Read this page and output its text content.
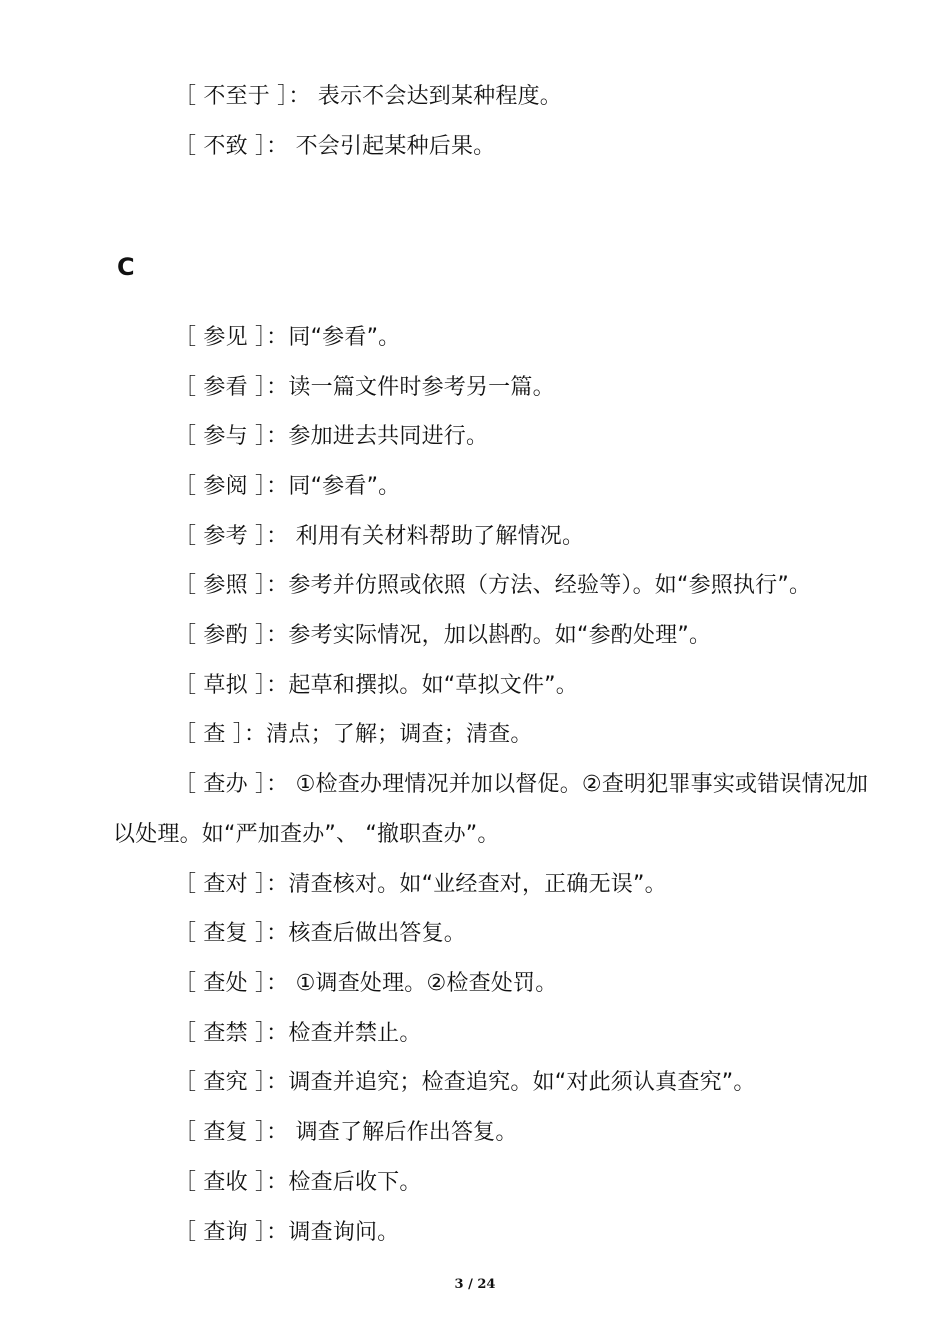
［ 不至于 ］： 表示不会达到某种程度。
［ 不致 ］： 不会引起某种后果。
C
［ 参见 ］：同“参看”。
［ 参看 ］：读一篇文件时参考另一篇。
［ 参与 ］：参加进去共同进行。
［ 参阅 ］：同“参看”。
［ 参考 ］： 利用有关材料帮助了解情况。
［ 参照 ］：参考并仿照或依照（方法、经验等）。如“参照执行”。
［ 参酌 ］：参考实际情况，加以斟酌。如“参酌处理”。
［ 草拟 ］：起草和撰拟。如“草拟文件”。
［ 查 ］：清点；了解；调查；清查。
［ 查办 ］： ①检查办理情况并加以督促。②查明犯罪事实或错误情况加以处理。如“严加查办”、 “撤职查办”。
［ 查对 ］：清查核对。如“业经查对，正确无误”。
［ 查复 ］：核查后做出答复。
［ 查处 ］： ①调查处理。②检查处罚。
［ 查禁 ］：检查并禁止。
［ 查究 ］：调查并追究；检查追究。如“对此须认真查究”。
［ 查复 ］： 调查了解后作出答复。
［ 查收 ］：检查后收下。
［ 查询 ］：调查询问。
3 / 24
